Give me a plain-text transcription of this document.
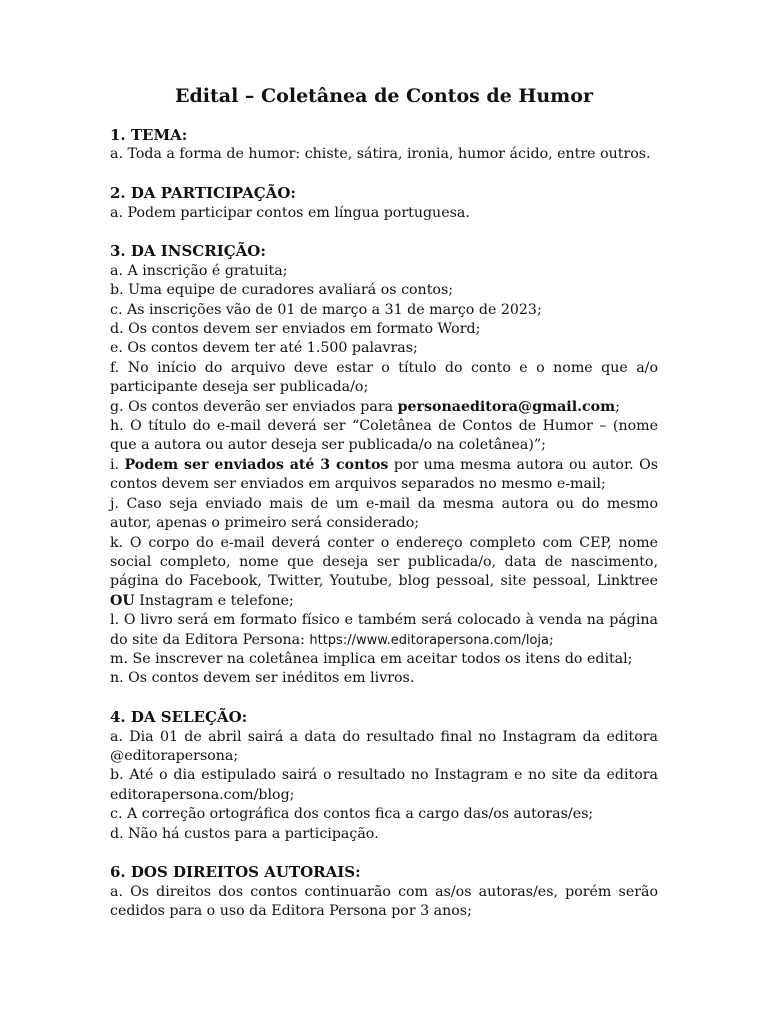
Edital – Coletânea de Contos de Humor

1. TEMA:

a. Toda a forma de humor: chiste, sátira, ironia, humor ácido, entre outros.

2. DA PARTICIPAÇÃO:

a. Podem participar contos em língua portuguesa.

3. DA INSCRIÇÃO:

a. A inscrição é gratuita;

b. Uma equipe de curadores avaliará os contos;

c. As inscrições vão de 01 de março a 31 de março de 2023;

d. Os contos devem ser enviados em formato Word;

e. Os contos devem ter até 1.500 palavras;

f. No início do arquivo deve estar o título do conto e o nome que a/o participante deseja ser publicada/o;

g. Os contos deverão ser enviados para personaeditora@gmail.com;

h. O título do e-mail deverá ser “Coletânea de Contos de Humor – (nome que a autora ou autor deseja ser publicada/o na coletânea)”;

i. Podem ser enviados até 3 contos por uma mesma autora ou autor. Os contos devem ser enviados em arquivos separados no mesmo e-mail;

j. Caso seja enviado mais de um e-mail da mesma autora ou do mesmo autor, apenas o primeiro será considerado;

k. O corpo do e-mail deverá conter o endereço completo com CEP, nome social completo, nome que deseja ser publicada/o, data de nascimento, página do Facebook, Twitter, Youtube, blog pessoal, site pessoal, Linktree OU Instagram e telefone;

l. O livro será em formato físico e também será colocado à venda na página do site da Editora Persona: https://www.editorapersona.com/loja;

m. Se inscrever na coletânea implica em aceitar todos os itens do edital;

n. Os contos devem ser inéditos em livros.

4. DA SELEÇÃO:

a. Dia 01 de abril sairá a data do resultado final no Instagram da editora @editorapersona;

b. Até o dia estipulado sairá o resultado no Instagram e no site da editora editorapersona.com/blog;

c. A correção ortográfica dos contos fica a cargo das/os autoras/es;

d. Não há custos para a participação.

6. DOS DIREITOS AUTORAIS:

a. Os direitos dos contos continuarão com as/os autoras/es, porém serão cedidos para o uso da Editora Persona por 3 anos;
